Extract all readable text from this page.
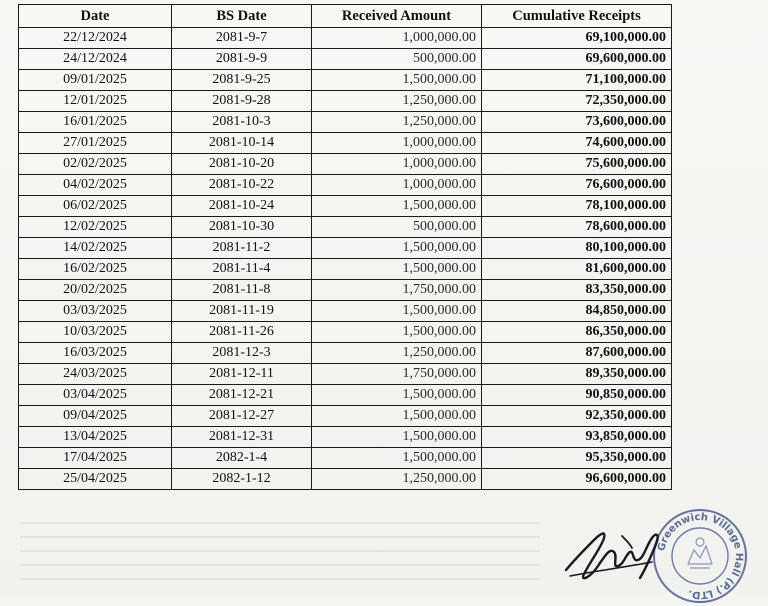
Date	BS Date	Received Amount	Cumulative Receipts
22/12/2024	2081-9-7	1,000,000.00	69,100,000.00
24/12/2024	2081-9-9	500,000.00	69,600,000.00
09/01/2025	2081-9-25	1,500,000.00	71,100,000.00
12/01/2025	2081-9-28	1,250,000.00	72,350,000.00
16/01/2025	2081-10-3	1,250,000.00	73,600,000.00
27/01/2025	2081-10-14	1,000,000.00	74,600,000.00
02/02/2025	2081-10-20	1,000,000.00	75,600,000.00
04/02/2025	2081-10-22	1,000,000.00	76,600,000.00
06/02/2025	2081-10-24	1,500,000.00	78,100,000.00
12/02/2025	2081-10-30	500,000.00	78,600,000.00
14/02/2025	2081-11-2	1,500,000.00	80,100,000.00
16/02/2025	2081-11-4	1,500,000.00	81,600,000.00
20/02/2025	2081-11-8	1,750,000.00	83,350,000.00
03/03/2025	2081-11-19	1,500,000.00	84,850,000.00
10/03/2025	2081-11-26	1,500,000.00	86,350,000.00
16/03/2025	2081-12-3	1,250,000.00	87,600,000.00
24/03/2025	2081-12-11	1,750,000.00	89,350,000.00
03/04/2025	2081-12-21	1,500,000.00	90,850,000.00
09/04/2025	2081-12-27	1,500,000.00	92,350,000.00
13/04/2025	2081-12-31	1,500,000.00	93,850,000.00
17/04/2025	2082-1-4	1,500,000.00	95,350,000.00
25/04/2025	2082-1-12	1,250,000.00	96,600,000.00
Greenwich Village Hall (P.) LTD.
